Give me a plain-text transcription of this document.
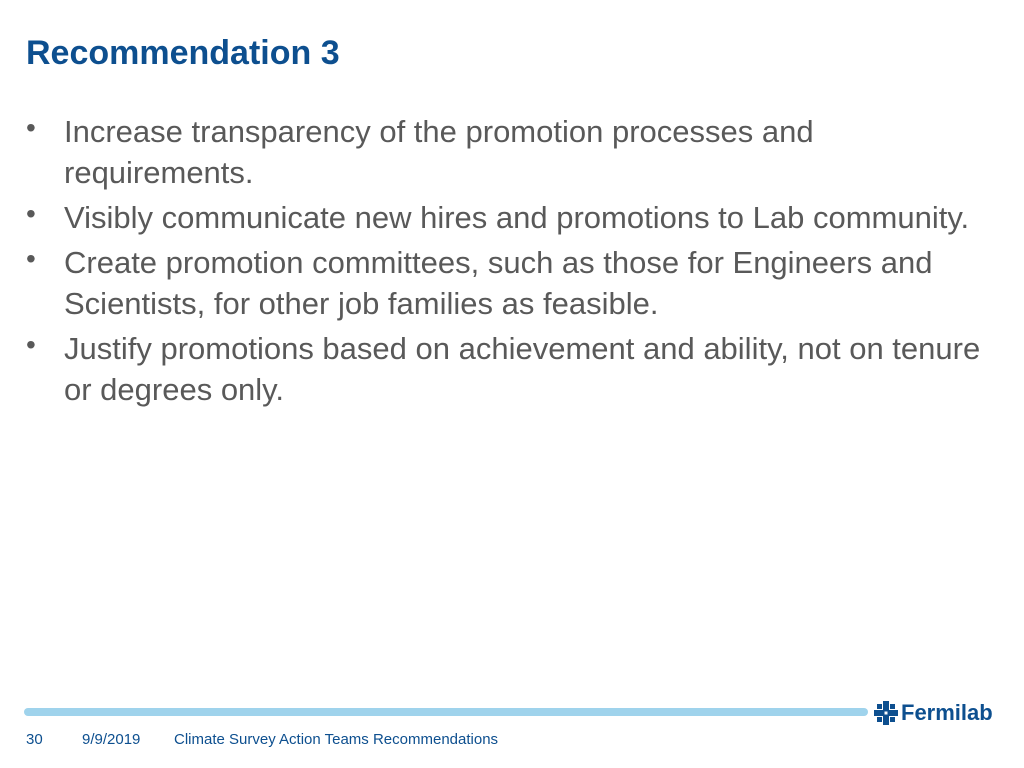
Recommendation 3
• Increase transparency of the promotion processes and requirements.
• Visibly communicate new hires and promotions to Lab community.
• Create promotion committees, such as those for Engineers and Scientists, for other job families as feasible.
• Justify promotions based on achievement and ability, not on tenure or degrees only.
Fermilab
30	9/9/2019 Climate Survey Action Teams Recommendations
